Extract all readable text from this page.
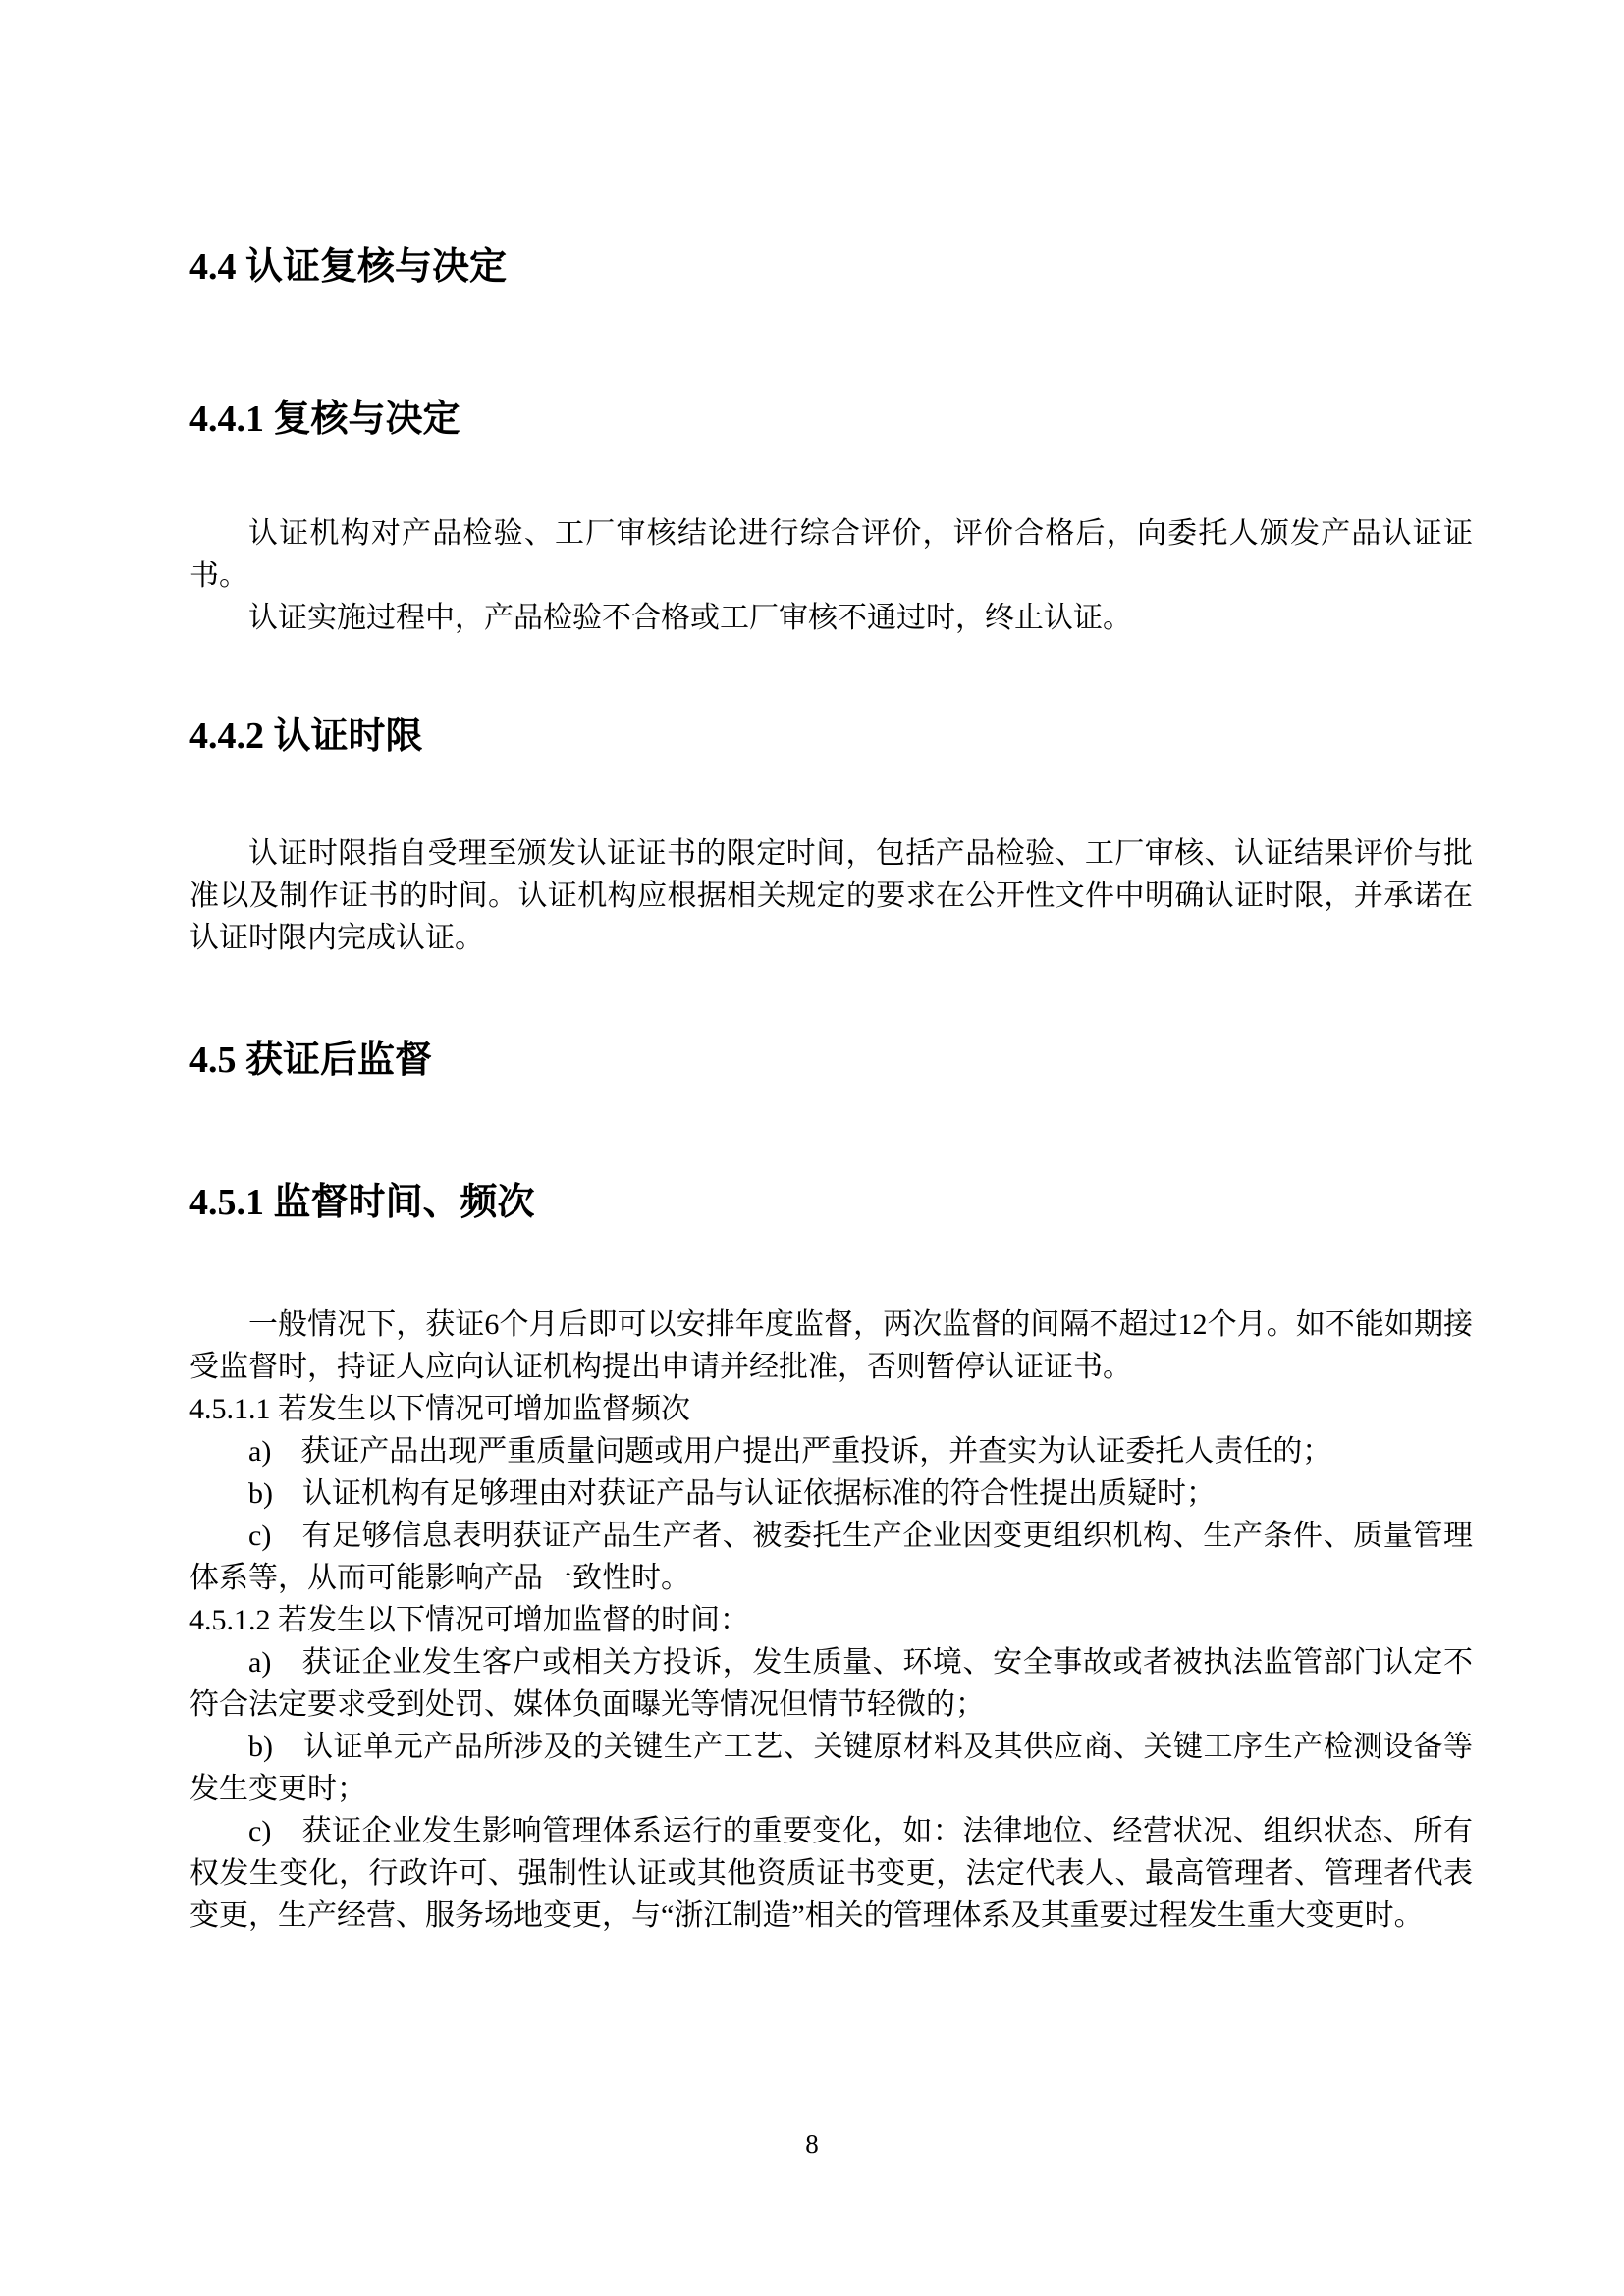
4.4 认证复核与决定
4.4.1 复核与决定

认证机构对产品检验、工厂审核结论进行综合评价，评价合格后，向委托人颁发产品认证证书。

认证实施过程中，产品检验不合格或工厂审核不通过时，终止认证。

4.4.2 认证时限

认证时限指自受理至颁发认证证书的限定时间，包括产品检验、工厂审核、认证结果评价与批准以及制作证书的时间。认证机构应根据相关规定的要求在公开性文件中明确认证时限，并承诺在认证时限内完成认证。

4.5 获证后监督
4.5.1 监督时间、频次

一般情况下，获证6个月后即可以安排年度监督，两次监督的间隔不超过12个月。如不能如期接受监督时，持证人应向认证机构提出申请并经批准，否则暂停认证证书。

4.5.1.1 若发生以下情况可增加监督频次

a)　获证产品出现严重质量问题或用户提出严重投诉，并查实为认证委托人责任的；

b)　认证机构有足够理由对获证产品与认证依据标准的符合性提出质疑时；

c)　有足够信息表明获证产品生产者、被委托生产企业因变更组织机构、生产条件、质量管理体系等，从而可能影响产品一致性时。

4.5.1.2 若发生以下情况可增加监督的时间：

a)　获证企业发生客户或相关方投诉，发生质量、环境、安全事故或者被执法监管部门认定不符合法定要求受到处罚、媒体负面曝光等情况但情节轻微的；

b)　认证单元产品所涉及的关键生产工艺、关键原材料及其供应商、关键工序生产检测设备等发生变更时；

c)　获证企业发生影响管理体系运行的重要变化，如：法律地位、经营状况、组织状态、所有权发生变化，行政许可、强制性认证或其他资质证书变更，法定代表人、最高管理者、管理者代表变更，生产经营、服务场地变更，与“浙江制造”相关的管理体系及其重要过程发生重大变更时。

8
